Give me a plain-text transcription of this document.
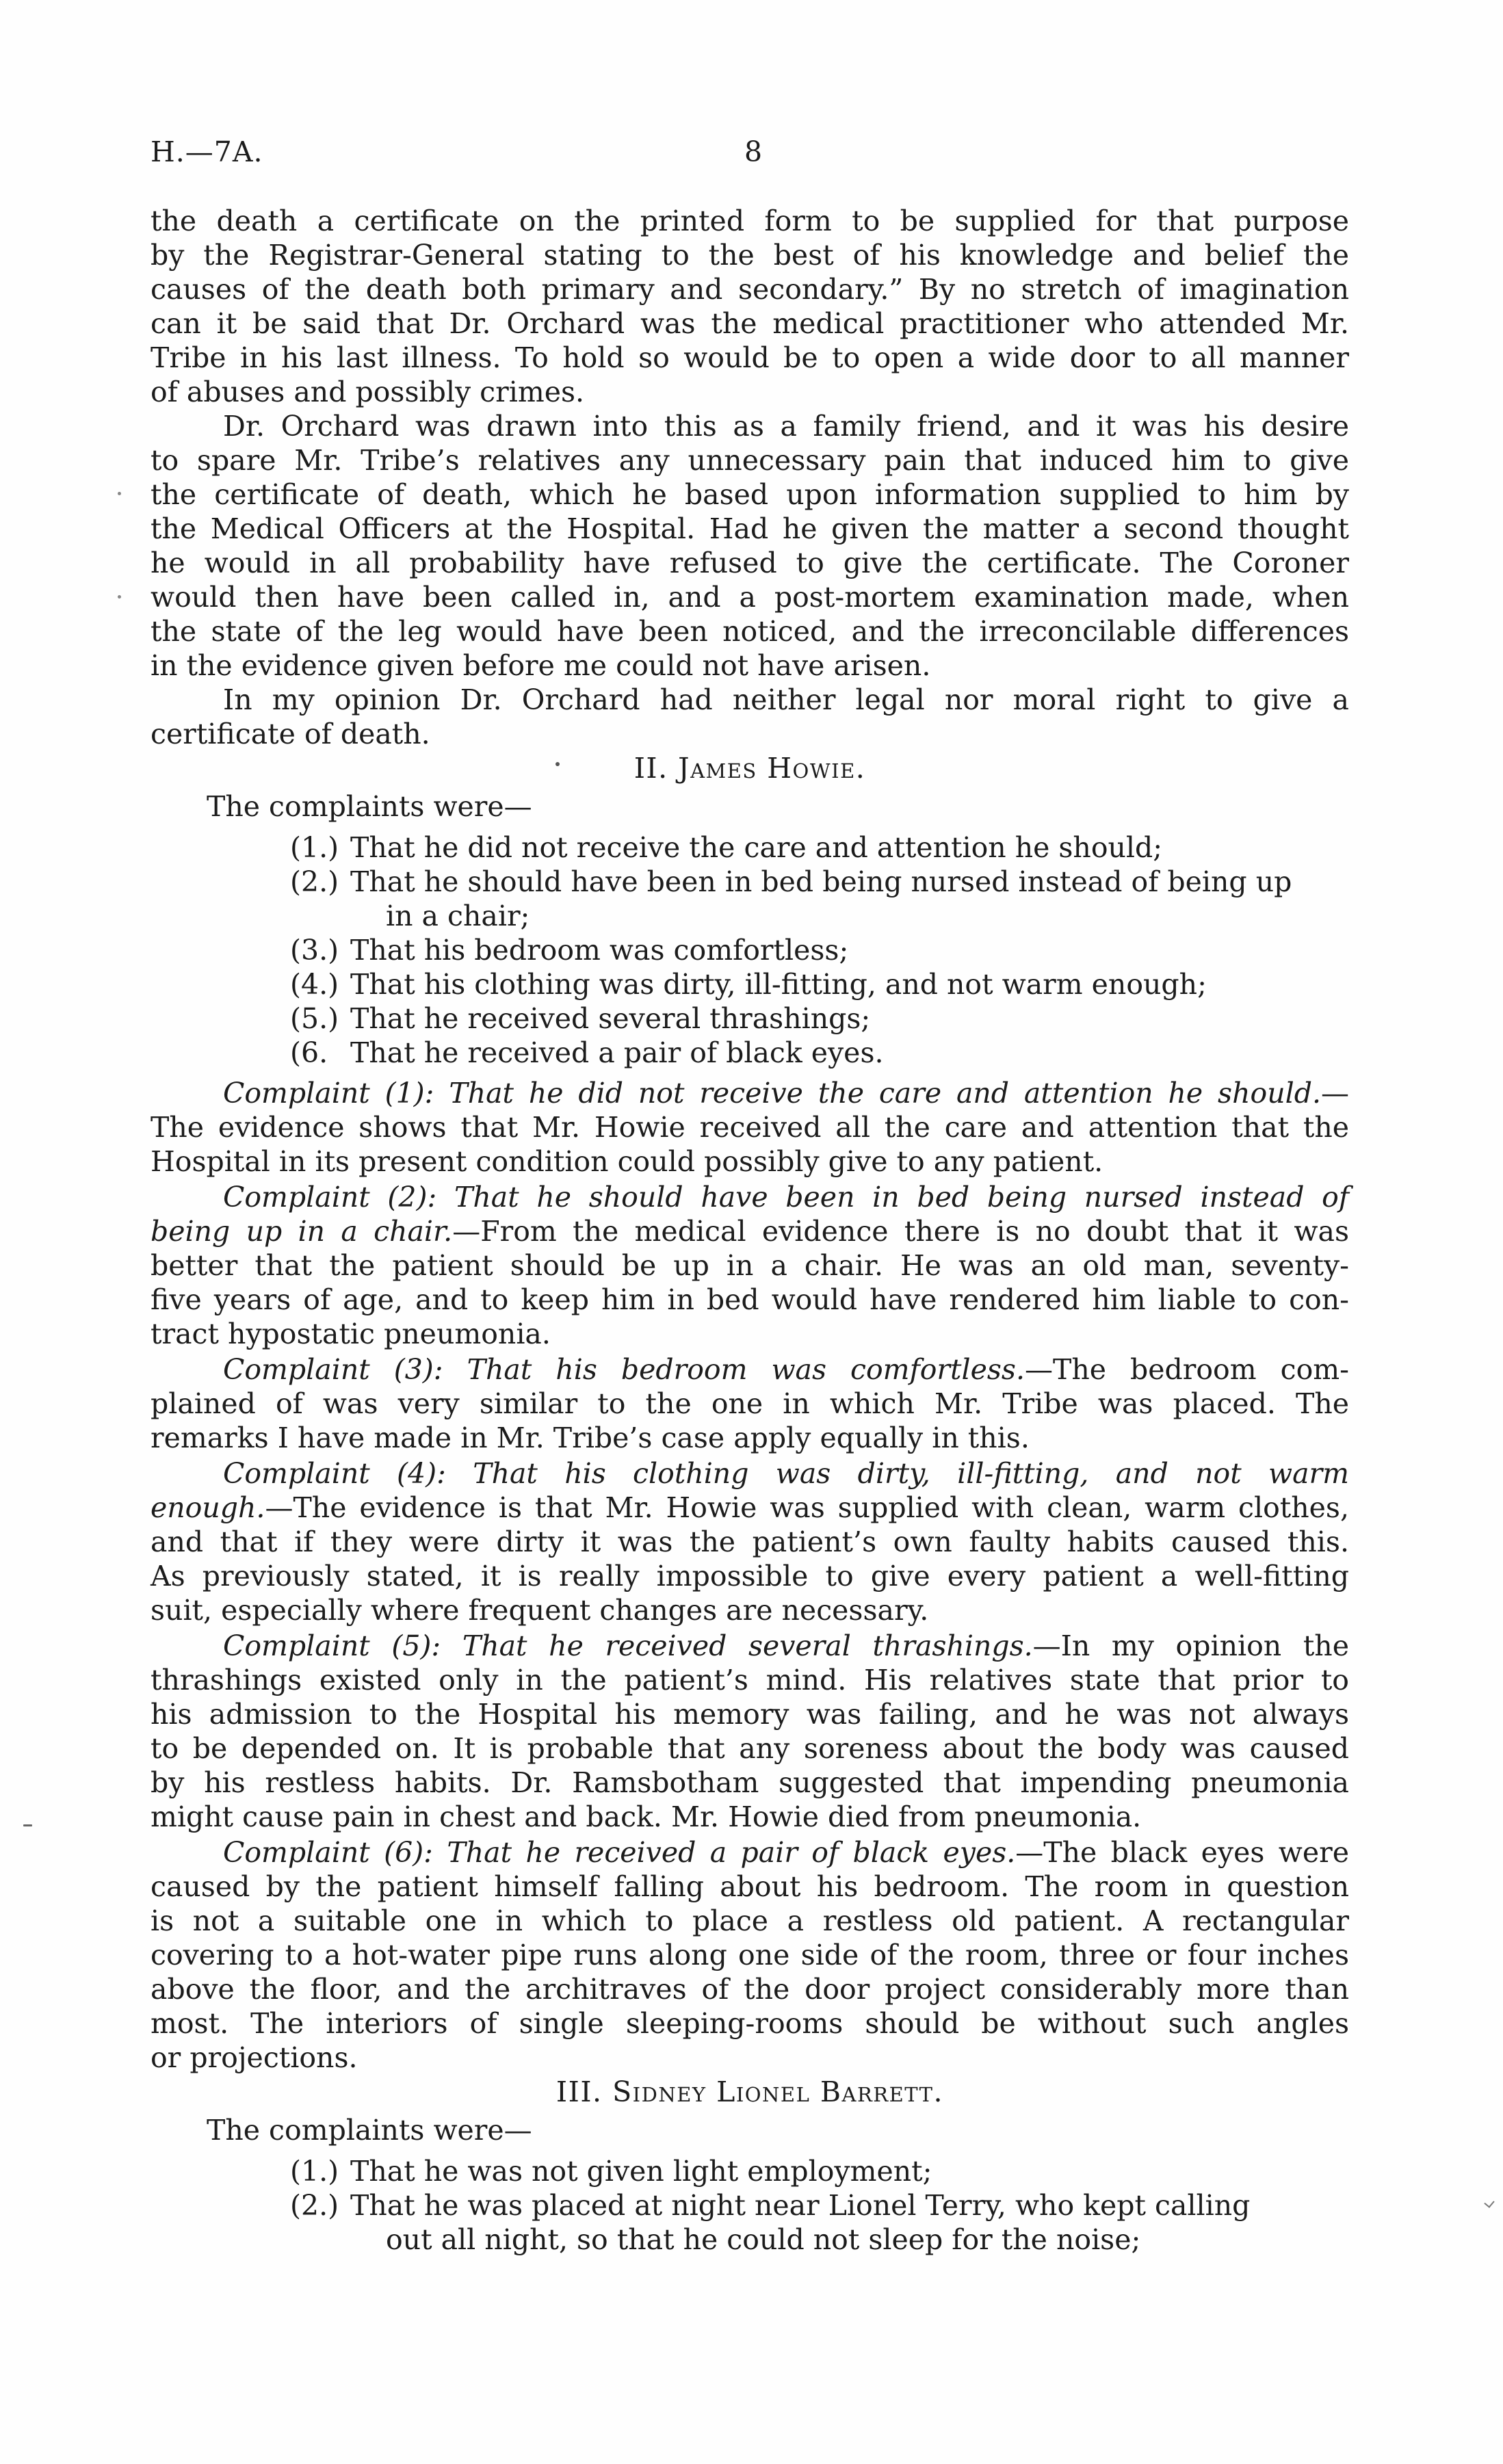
H.—7A.	8
the death a certificate on the printed form to be supplied for that purpose
by the Registrar-General stating to the best of his knowledge and belief the
causes of the death both primary and secondary.” By no stretch of imagination
can it be said that Dr. Orchard was the medical practitioner who attended Mr.
Tribe in his last illness. To hold so would be to open a wide door to all manner
of abuses and possibly crimes.
Dr. Orchard was drawn into this as a family friend, and it was his desire
to spare Mr. Tribe’s relatives any unnecessary pain that induced him to give
the certificate of death, which he based upon information supplied to him by
the Medical Officers at the Hospital. Had he given the matter a second thought
he would in all probability have refused to give the certificate. The Coroner
would then have been called in, and a post-mortem examination made, when
the state of the leg would have been noticed, and the irreconcilable differences
in the evidence given before me could not have arisen.
In my opinion Dr. Orchard had neither legal nor moral right to give a
certificate of death.
II. James Howie.

The complaints were—

(1.) That he did not receive the care and attention he should;
(2.) That he should have been in bed being nursed instead of being up
in a chair;
(3.) That his bedroom was comfortless;
(4.) That his clothing was dirty, ill-fitting, and not warm enough;
(5.) That he received several thrashings;
(6. That he received a pair of black eyes.
Complaint (1): That he did not receive the care and attention he should.—
The evidence shows that Mr. Howie received all the care and attention that the
Hospital in its present condition could possibly give to any patient.
Complaint (2): That he should have been in bed being nursed instead of
being up in a chair.—From the medical evidence there is no doubt that it was
better that the patient should be up in a chair. He was an old man, seventy-
five years of age, and to keep him in bed would have rendered him liable to con-
tract hypostatic pneumonia.
Complaint (3): That his bedroom was comfortless.—The bedroom com-
plained of was very similar to the one in which Mr. Tribe was placed. The
remarks I have made in Mr. Tribe’s case apply equally in this.
Complaint (4): That his clothing was dirty, ill-fitting, and not warm
enough.—The evidence is that Mr. Howie was supplied with clean, warm clothes,
and that if they were dirty it was the patient’s own faulty habits caused this.
As previously stated, it is really impossible to give every patient a well-fitting
suit, especially where frequent changes are necessary.
Complaint (5): That he received several thrashings.—In my opinion the
thrashings existed only in the patient’s mind. His relatives state that prior to
his admission to the Hospital his memory was failing, and he was not always
to be depended on. It is probable that any soreness about the body was caused
by his restless habits. Dr. Ramsbotham suggested that impending pneumonia
might cause pain in chest and back. Mr. Howie died from pneumonia.
Complaint (6): That he received a pair of black eyes.—The black eyes were
caused by the patient himself falling about his bedroom. The room in question
is not a suitable one in which to place a restless old patient. A rectangular
covering to a hot-water pipe runs along one side of the room, three or four inches
above the floor, and the architraves of the door project considerably more than
most. The interiors of single sleeping-rooms should be without such angles
or projections.
III. Sidney Lionel Barrett.

The complaints were—

(1.) That he was not given light employment;
(2.) That he was placed at night near Lionel Terry, who kept calling
out all night, so that he could not sleep for the noise;
